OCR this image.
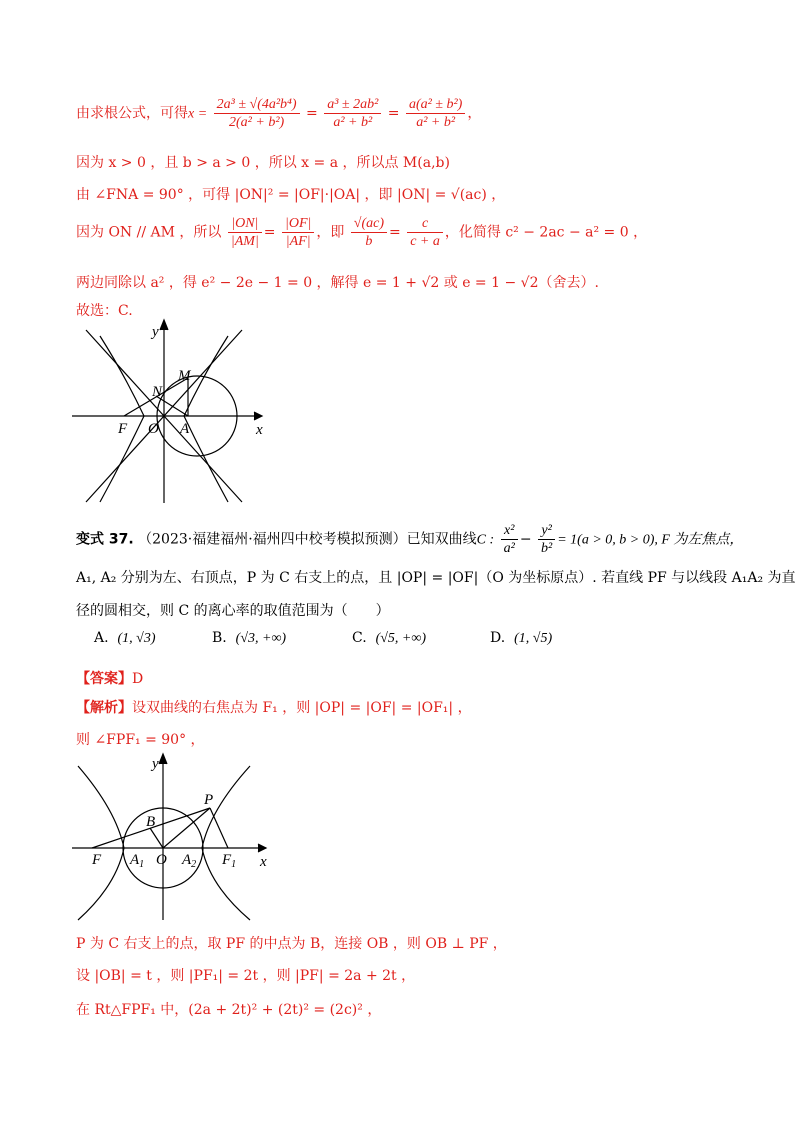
由求根公式，可得$x = \frac{\text{2a³ ± √(4a²b⁴)}}{\text{2(a² + b²)}} = \frac{\text{a³ ± 2ab²}}{\text{a² + b²}} = \frac{\text{a(a² ± b²)}}{\text{a² + b²}}$ ，
因为 x > 0 ，且 b > a > 0 ，所以 x = a ，所以点 M(a,b)
由 ∠FNA = 90° ，可得 |ON|² = |OF|·|OA| ，即 |ON| = √(ac) ，
因为 ON // AM ，所以 $\frac{|ON|}{|AM|} = \frac{|OF|}{|AF|}$ ，即 $\frac{√(ac)}{b} = \frac{c}{c + a}$ ，化简得 c² − 2ac − a² = 0 ，
两边同除以 a² ，得 e² − 2e − 1 = 0 ，解得 e = 1 + √2 或 e = 1 − √2（舍去）.
故选：C.
F O A
M
N
y
x
变式 37. （2023·福建福州·福州四中校考模拟预测）已知双曲线C : $\frac{\text{x²}}{\text{a²}} - \frac{\text{y²}}{\text{b²}} = 1(a > 0$, b > 0), F 为左焦点，
A₁, A₂ 分别为左、右顶点，P 为 C 右支上的点，且 |OP| = |OF|（O 为坐标原点）. 若直线 PF 与以线段 A₁A₂ 为直
径的圆相交，则 C 的离心率的取值范围为（　　）
A. (1, √3)	B. (√3, +∞)	C. (√5, +∞)	D. (1, √5)
【答案】D
【解析】设双曲线的右焦点为 F₁ ，则 |OP| = |OF| = |OF₁| ，
则 ∠FPF₁ = 90° ，
F $A_1$ O $A_2$ $F_1$
P
B
y
x
P 为 C 右支上的点，取 PF 的中点为 B，连接 OB ，则 OB ⊥ PF ，
设 |OB| = t ，则 |PF₁| = 2t ，则 |PF| = 2a + 2t ，
在 Rt△FPF₁ 中，(2a + 2t)² + (2t)² = (2c)² ，
